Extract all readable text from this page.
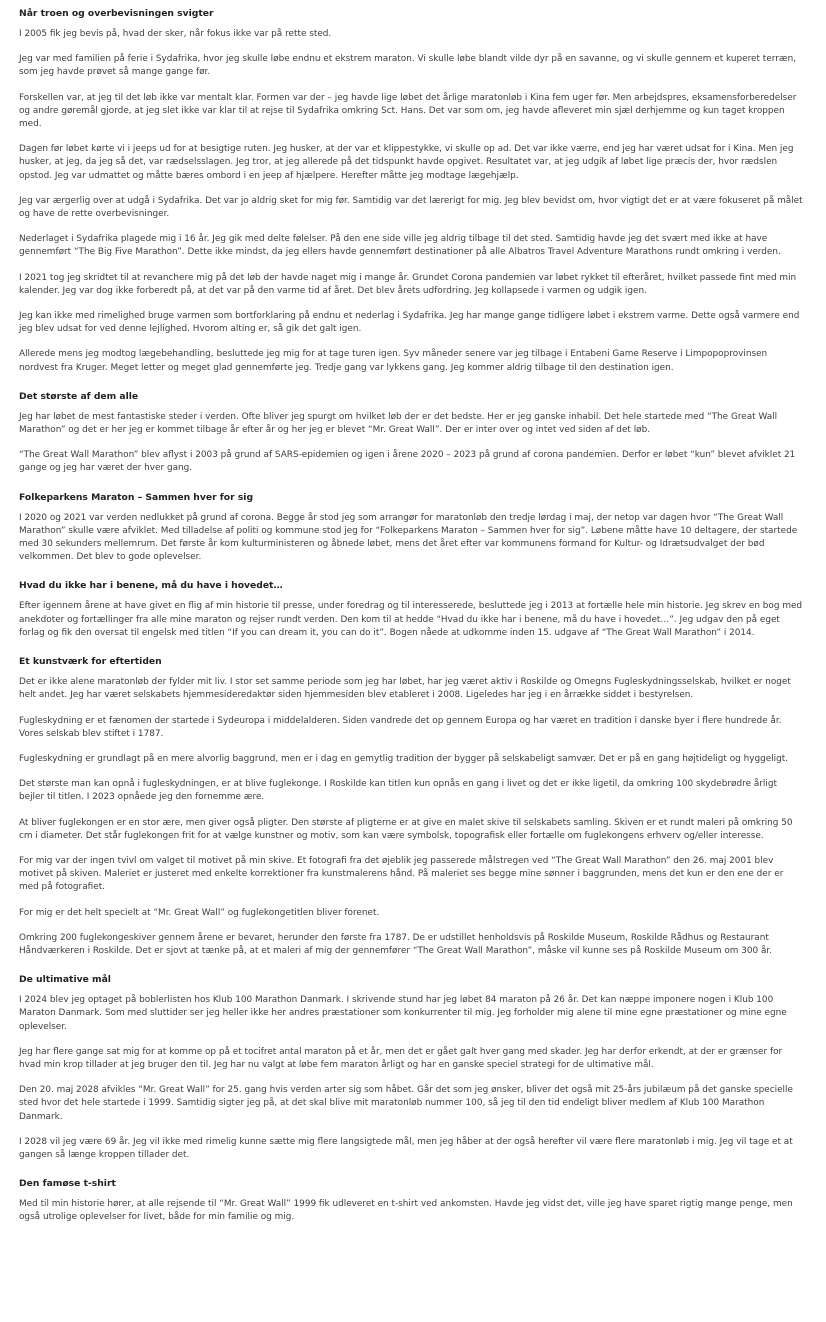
Når troen og overbevisningen svigter

I 2005 fik jeg bevis på, hvad der sker, når fokus ikke var på rette sted.

Jeg var med familien på ferie i Sydafrika, hvor jeg skulle løbe endnu et ekstrem maraton. Vi skulle løbe blandt vilde dyr på en savanne, og vi skulle gennem et kuperet terræn, som jeg havde prøvet så mange gange før.

Forskellen var, at jeg til det løb ikke var mentalt klar. Formen var der – jeg havde lige løbet det årlige maratonløb i Kina fem uger før. Men arbejdspres, eksamensforberedelser og andre gøremål gjorde, at jeg slet ikke var klar til at rejse til Sydafrika omkring Sct. Hans. Det var som om, jeg havde afleveret min sjæl derhjemme og kun taget kroppen med.

Dagen før løbet kørte vi i jeeps ud for at besigtige ruten. Jeg husker, at der var et klippestykke, vi skulle op ad. Det var ikke værre, end jeg har været udsat for i Kina. Men jeg husker, at jeg, da jeg så det, var rædselsslagen. Jeg tror, at jeg allerede på det tidspunkt havde opgivet. Resultatet var, at jeg udgik af løbet lige præcis der, hvor rædslen opstod. Jeg var udmattet og måtte bæres ombord i en jeep af hjælpere. Herefter måtte jeg modtage lægehjælp.

Jeg var ærgerlig over at udgå i Sydafrika. Det var jo aldrig sket for mig før. Samtidig var det lærerigt for mig. Jeg blev bevidst om, hvor vigtigt det er at være fokuseret på målet og have de rette overbevisninger.

Nederlaget i Sydafrika plagede mig i 16 år. Jeg gik med delte følelser. På den ene side ville jeg aldrig tilbage til det sted. Samtidig havde jeg det svært med ikke at have gennemført “The Big Five Marathon”. Dette ikke mindst, da jeg ellers havde gennemført destinationer på alle Albatros Travel Adventure Marathons rundt omkring i verden.

I 2021 tog jeg skridtet til at revanchere mig på det løb der havde naget mig i mange år. Grundet Corona pandemien var løbet rykket til efteråret, hvilket passede fint med min kalender. Jeg var dog ikke forberedt på, at det var på den varme tid af året. Det blev årets udfordring. Jeg kollapsede i varmen og udgik igen.

Jeg kan ikke med rimelighed bruge varmen som bortforklaring på endnu et nederlag i Sydafrika. Jeg har mange gange tidligere løbet i ekstrem varme. Dette også varmere end jeg blev udsat for ved denne lejlighed. Hvorom alting er, så gik det galt igen.

Allerede mens jeg modtog lægebehandling, besluttede jeg mig for at tage turen igen. Syv måneder senere var jeg tilbage i Entabeni Game Reserve i Limpopoprovinsen nordvest fra Kruger. Meget letter og meget glad gennemførte jeg. Tredje gang var lykkens gang. Jeg kommer aldrig tilbage til den destination igen.

Det største af dem alle

Jeg har løbet de mest fantastiske steder i verden. Ofte bliver jeg spurgt om hvilket løb der er det bedste. Her er jeg ganske inhabil. Det hele startede med “The Great Wall Marathon” og det er her jeg er kommet tilbage år efter år og her jeg er blevet “Mr. Great Wall”. Der er inter over og intet ved siden af det løb.

“The Great Wall Marathon” blev aflyst i 2003 på grund af SARS-epidemien og igen i årene 2020 – 2023 på grund af corona pandemien. Derfor er løbet “kun” blevet afviklet 21 gange og jeg har været der hver gang.

Folkeparkens Maraton – Sammen hver for sig

I 2020 og 2021 var verden nedlukket på grund af corona. Begge år stod jeg som arrangør for maratonløb den tredje lørdag i maj, der netop var dagen hvor “The Great Wall Marathon” skulle være afviklet. Med tilladelse af politi og kommune stod jeg for “Folkeparkens Maraton – Sammen hver for sig”. Løbene måtte have 10 deltagere, der startede med 30 sekunders mellemrum. Det første år kom kulturministeren og åbnede løbet, mens det året efter var kommunens formand for Kultur- og Idrætsudvalget der bød velkommen. Det blev to gode oplevelser.

Hvad du ikke har i benene, må du have i hovedet…

Efter igennem årene at have givet en flig af min historie til presse, under foredrag og til interesserede, besluttede jeg i 2013 at fortælle hele min historie. Jeg skrev en bog med anekdoter og fortællinger fra alle mine maraton og rejser rundt verden. Den kom til at hedde “Hvad du ikke har i benene, må du have i hovedet…”. Jeg udgav den på eget forlag og fik den oversat til engelsk med titlen “If you can dream it, you can do it”. Bogen nåede at udkomme inden 15. udgave af “The Great Wall Marathon” i 2014.

Et kunstværk for eftertiden

Det er ikke alene maratonløb der fylder mit liv. I stor set samme periode som jeg har løbet, har jeg været aktiv i Roskilde og Omegns Fugleskydningsselskab, hvilket er noget helt andet. Jeg har været selskabets hjemmesideredaktør siden hjemmesiden blev etableret i 2008. Ligeledes har jeg i en årrække siddet i bestyrelsen.

Fugleskydning er et fænomen der startede i Sydeuropa i middelalderen. Siden vandrede det op gennem Europa og har været en tradition i danske byer i flere hundrede år. Vores selskab blev stiftet i 1787.

Fugleskydning er grundlagt på en mere alvorlig baggrund, men er i dag en gemytlig tradition der bygger på selskabeligt samvær. Det er på en gang højtideligt og hyggeligt.

Det største man kan opnå i fugleskydningen, er at blive fuglekonge. I Roskilde kan titlen kun opnås en gang i livet og det er ikke ligetil, da omkring 100 skydebrødre årligt bejler til titlen. I 2023 opnåede jeg den fornemme ære.

At bliver fuglekongen er en stor ære, men giver også pligter. Den største af pligterne er at give en malet skive til selskabets samling. Skiven er et rundt maleri på omkring 50 cm i diameter. Det står fuglekongen frit for at vælge kunstner og motiv, som kan være symbolsk, topografisk eller fortælle om fuglekongens erhverv og/eller interesse.

For mig var der ingen tvivl om valget til motivet på min skive. Et fotografi fra det øjeblik jeg passerede målstregen ved “The Great Wall Marathon” den 26. maj 2001 blev motivet på skiven. Maleriet er justeret med enkelte korrektioner fra kunstmalerens hånd. På maleriet ses begge mine sønner i baggrunden, mens det kun er den ene der er med på fotografiet.

For mig er det helt specielt at “Mr. Great Wall” og fuglekongetitlen bliver forenet.

Omkring 200 fuglekongeskiver gennem årene er bevaret, herunder den første fra 1787. De er udstillet henholdsvis på Roskilde Museum, Roskilde Rådhus og Restaurant Håndværkeren i Roskilde. Det er sjovt at tænke på, at et maleri af mig der gennemfører “The Great Wall Marathon”, måske vil kunne ses på Roskilde Museum om 300 år.

De ultimative mål

I 2024 blev jeg optaget på boblerlisten hos Klub 100 Marathon Danmark. I skrivende stund har jeg løbet 84 maraton på 26 år. Det kan næppe imponere nogen i Klub 100 Maraton Danmark. Som med sluttider ser jeg heller ikke her andres præstationer som konkurrenter til mig. Jeg forholder mig alene til mine egne præstationer og mine egne oplevelser.

Jeg har flere gange sat mig for at komme op på et tocifret antal maraton på et år, men det er gået galt hver gang med skader. Jeg har derfor erkendt, at der er grænser for hvad min krop tillader at jeg bruger den til. Jeg har nu valgt at løbe fem maraton årligt og har en ganske speciel strategi for de ultimative mål.

Den 20. maj 2028 afvikles “Mr. Great Wall” for 25. gang hvis verden arter sig som håbet. Går det som jeg ønsker, bliver det også mit 25-års jubilæum på det ganske specielle sted hvor det hele startede i 1999. Samtidig sigter jeg på, at det skal blive mit maratonløb nummer 100, så jeg til den tid endeligt bliver medlem af Klub 100 Marathon Danmark.

I 2028 vil jeg være 69 år. Jeg vil ikke med rimelig kunne sætte mig flere langsigtede mål, men jeg håber at der også herefter vil være flere maratonløb i mig. Jeg vil tage et at gangen så længe kroppen tillader det.

Den famøse t-shirt

Med til min historie hører, at alle rejsende til “Mr. Great Wall” 1999 fik udleveret en t-shirt ved ankomsten. Havde jeg vidst det, ville jeg have sparet rigtig mange penge, men også utrolige oplevelser for livet, både for min familie og mig.
